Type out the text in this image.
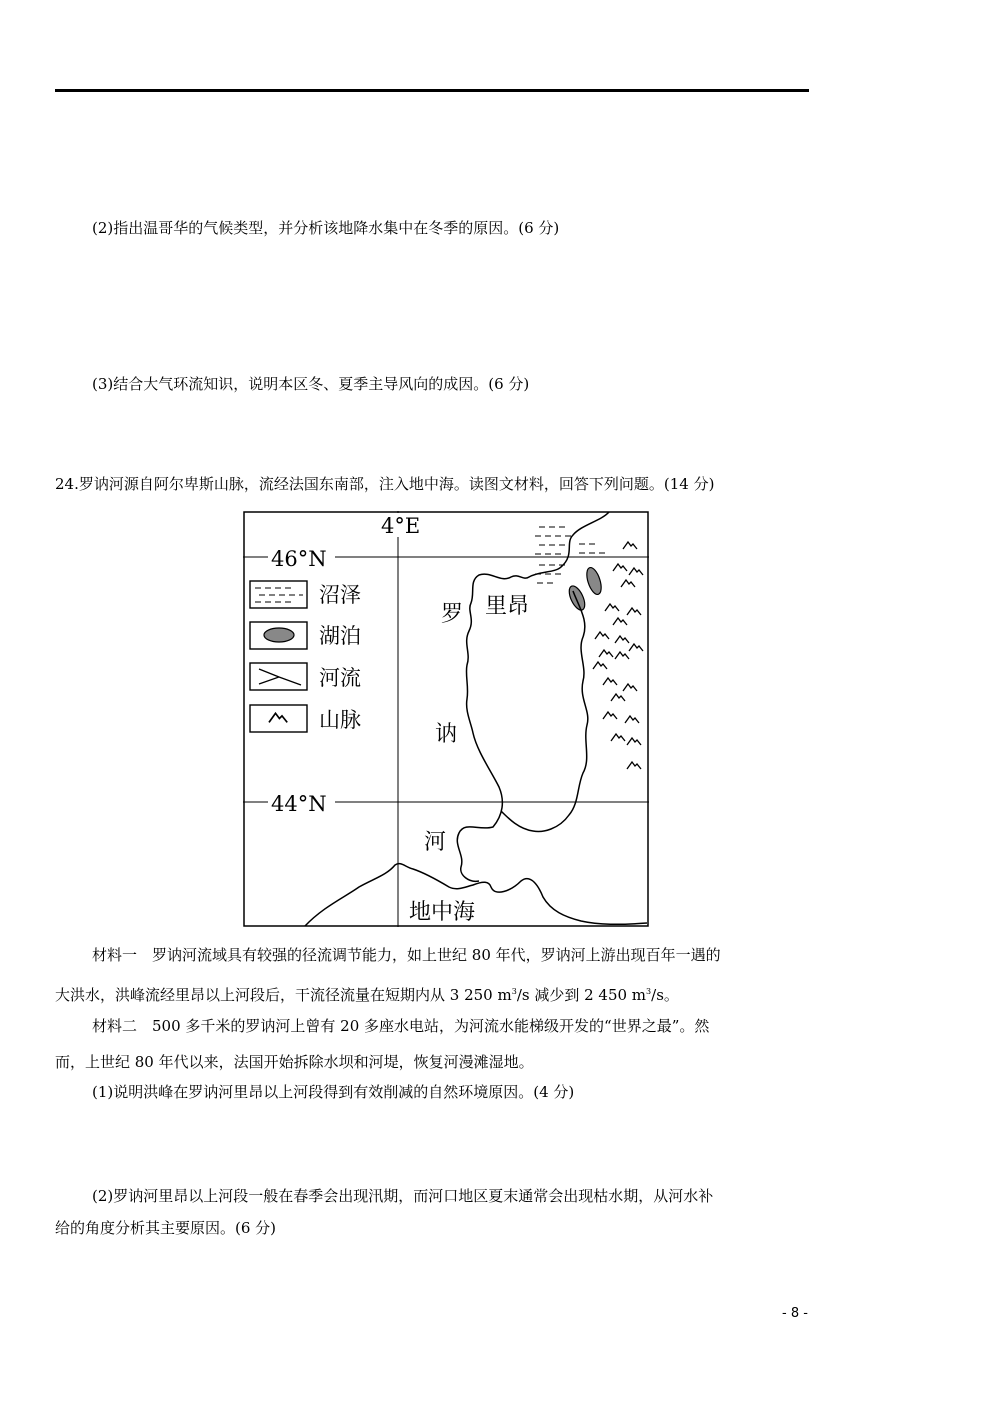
(2)指出温哥华的气候类型，并分析该地降水集中在冬季的原因。(6 分)
(3)结合大气环流知识，说明本区冬、夏季主导风向的成因。(6 分)
24.罗讷河源自阿尔卑斯山脉，流经法国东南部，注入地中海。读图文材料，回答下列问题。(14 分)
4°E
46°N
44°N
沼泽
湖泊
河流
山脉
罗 里昂
讷
河
地中海
材料一　罗讷河流域具有较强的径流调节能力，如上世纪 80 年代，罗讷河上游出现百年一遇的
大洪水，洪峰流经里昂以上河段后，干流径流量在短期内从 3 250 $m^3/s$ 减少到 2 450 $m^3/s$。
材料二　500 多千米的罗讷河上曾有 20 多座水电站，为河流水能梯级开发的“世界之最”。然
而，上世纪 80 年代以来，法国开始拆除水坝和河堤，恢复河漫滩湿地。
(1)说明洪峰在罗讷河里昂以上河段得到有效削减的自然环境原因。(4 分)
(2)罗讷河里昂以上河段一般在春季会出现汛期，而河口地区夏末通常会出现枯水期，从河水补
给的角度分析其主要原因。(6 分)
- 8 -
